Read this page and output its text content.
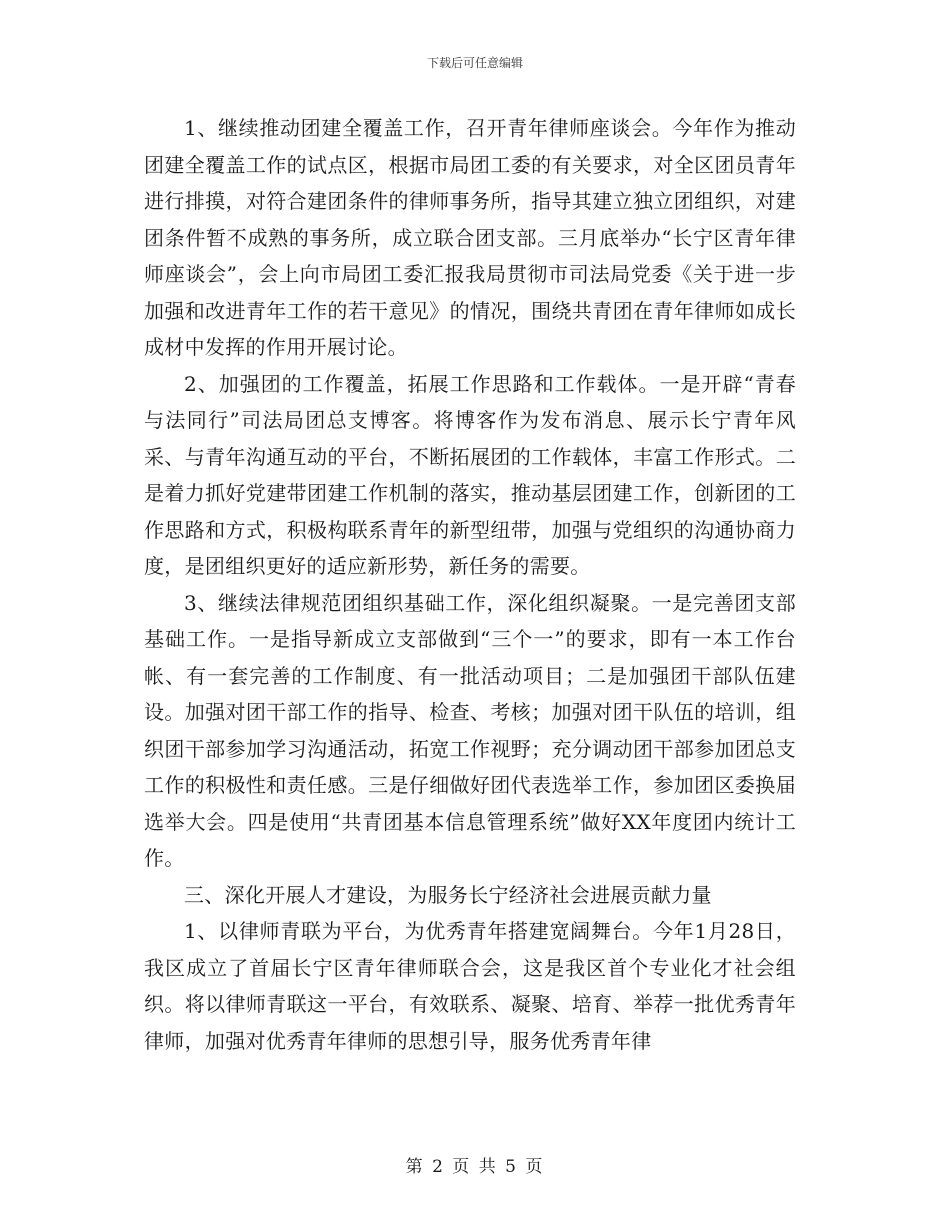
下载后可任意编辑

1、继续推动团建全覆盖工作，召开青年律师座谈会。今年作为推动团建全覆盖工作的试点区，根据市局团工委的有关要求，对全区团员青年进行排摸，对符合建团条件的律师事务所，指导其建立独立团组织，对建团条件暂不成熟的事务所，成立联合团支部。三月底举办“长宁区青年律师座谈会”，会上向市局团工委汇报我局贯彻市司法局党委《关于进一步加强和改进青年工作的若干意见》的情况，围绕共青团在青年律师如成长成材中发挥的作用开展讨论。

2、加强团的工作覆盖，拓展工作思路和工作载体。一是开辟“青春与法同行”司法局团总支博客。将博客作为发布消息、展示长宁青年风采、与青年沟通互动的平台，不断拓展团的工作载体，丰富工作形式。二是着力抓好党建带团建工作机制的落实，推动基层团建工作，创新团的工作思路和方式，积极构联系青年的新型纽带，加强与党组织的沟通协商力度，是团组织更好的适应新形势，新任务的需要。

3、继续法律规范团组织基础工作，深化组织凝聚。一是完善团支部基础工作。一是指导新成立支部做到“三个一”的要求，即有一本工作台帐、有一套完善的工作制度、有一批活动项目；二是加强团干部队伍建设。加强对团干部工作的指导、检查、考核；加强对团干队伍的培训，组织团干部参加学习沟通活动，拓宽工作视野；充分调动团干部参加团总支工作的积极性和责任感。三是仔细做好团代表选举工作，参加团区委换届选举大会。四是使用“共青团基本信息管理系统”做好XX年度团内统计工作。

三、深化开展人才建设，为服务长宁经济社会进展贡献力量

1、以律师青联为平台，为优秀青年搭建宽阔舞台。今年1月28日，我区成立了首届长宁区青年律师联合会，这是我区首个专业化才社会组织。将以律师青联这一平台，有效联系、凝聚、培育、举荐一批优秀青年律师，加强对优秀青年律师的思想引导，服务优秀青年律

第 2 页 共 5 页
